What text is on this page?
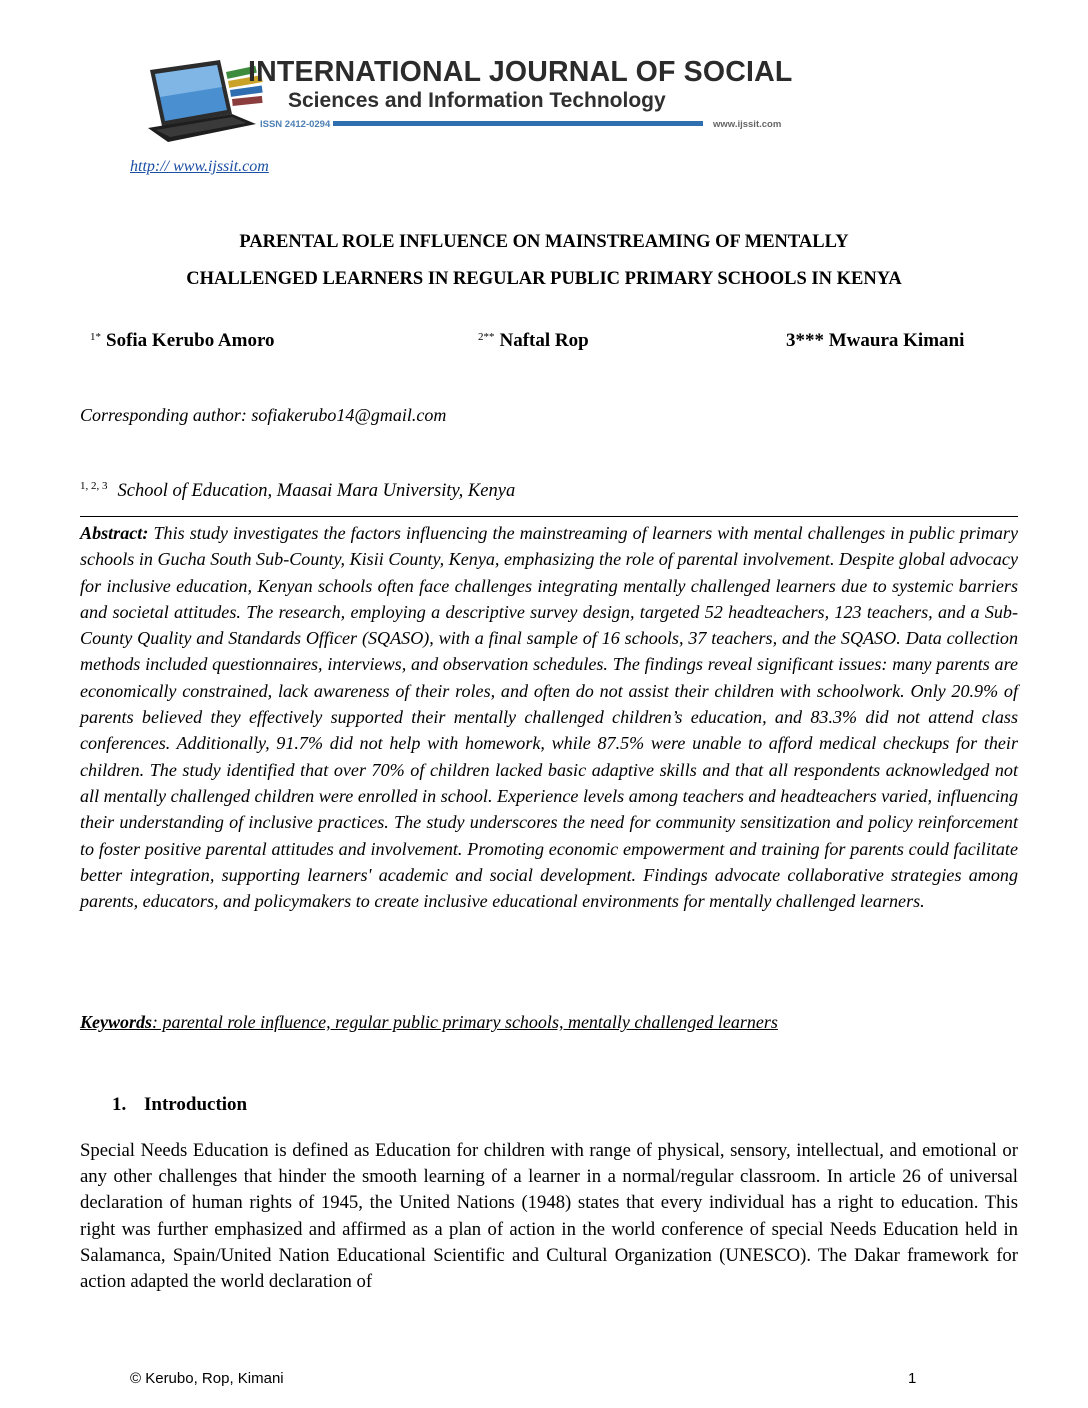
INTERNATIONAL JOURNAL OF SOCIAL
Sciences and Information Technology
ISSN 2412-0294	www.ijssit.com
http:// www.ijssit.com
PARENTAL ROLE INFLUENCE ON MAINSTREAMING OF MENTALLY
CHALLENGED LEARNERS IN REGULAR PUBLIC PRIMARY SCHOOLS IN KENYA
$^{1*}$ Sofia Kerubo Amoro	$^{2**}$ Naftal Rop	3*** Mwaura Kimani
Corresponding author: sofiakerubo14@gmail.com
$^{1, 2, 3}$ School of Education, Maasai Mara University, Kenya
Abstract: This study investigates the factors influencing the mainstreaming of learners with mental challenges in public primary schools in Gucha South Sub-County, Kisii County, Kenya, emphasizing the role of parental involvement. Despite global advocacy for inclusive education, Kenyan schools often face challenges integrating mentally challenged learners due to systemic barriers and societal attitudes. The research, employing a descriptive survey design, targeted 52 headteachers, 123 teachers, and a Sub-County Quality and Standards Officer (SQASO), with a final sample of 16 schools, 37 teachers, and the SQASO. Data collection methods included questionnaires, interviews, and observation schedules. The findings reveal significant issues: many parents are economically constrained, lack awareness of their roles, and often do not assist their children with schoolwork. Only 20.9% of parents believed they effectively supported their mentally challenged children’s education, and 83.3% did not attend class conferences. Additionally, 91.7% did not help with homework, while 87.5% were unable to afford medical checkups for their children. The study identified that over 70% of children lacked basic adaptive skills and that all respondents acknowledged not all mentally challenged children were enrolled in school. Experience levels among teachers and headteachers varied, influencing their understanding of inclusive practices. The study underscores the need for community sensitization and policy reinforcement to foster positive parental attitudes and involvement. Promoting economic empowerment and training for parents could facilitate better integration, supporting learners' academic and social development. Findings advocate collaborative strategies among parents, educators, and policymakers to create inclusive educational environments for mentally challenged learners.
Keywords: parental role influence, regular public primary schools, mentally challenged learners
1. Introduction
Special Needs Education is defined as Education for children with range of physical, sensory, intellectual, and emotional or any other challenges that hinder the smooth learning of a learner in a normal/regular classroom. In article 26 of universal declaration of human rights of 1945, the United Nations (1948) states that every individual has a right to education. This right was further emphasized and affirmed as a plan of action in the world conference of special Needs Education held in Salamanca, Spain/United Nation Educational Scientific and Cultural Organization (UNESCO). The Dakar framework for action adapted the world declaration of
© Kerubo, Rop, Kimani	1
